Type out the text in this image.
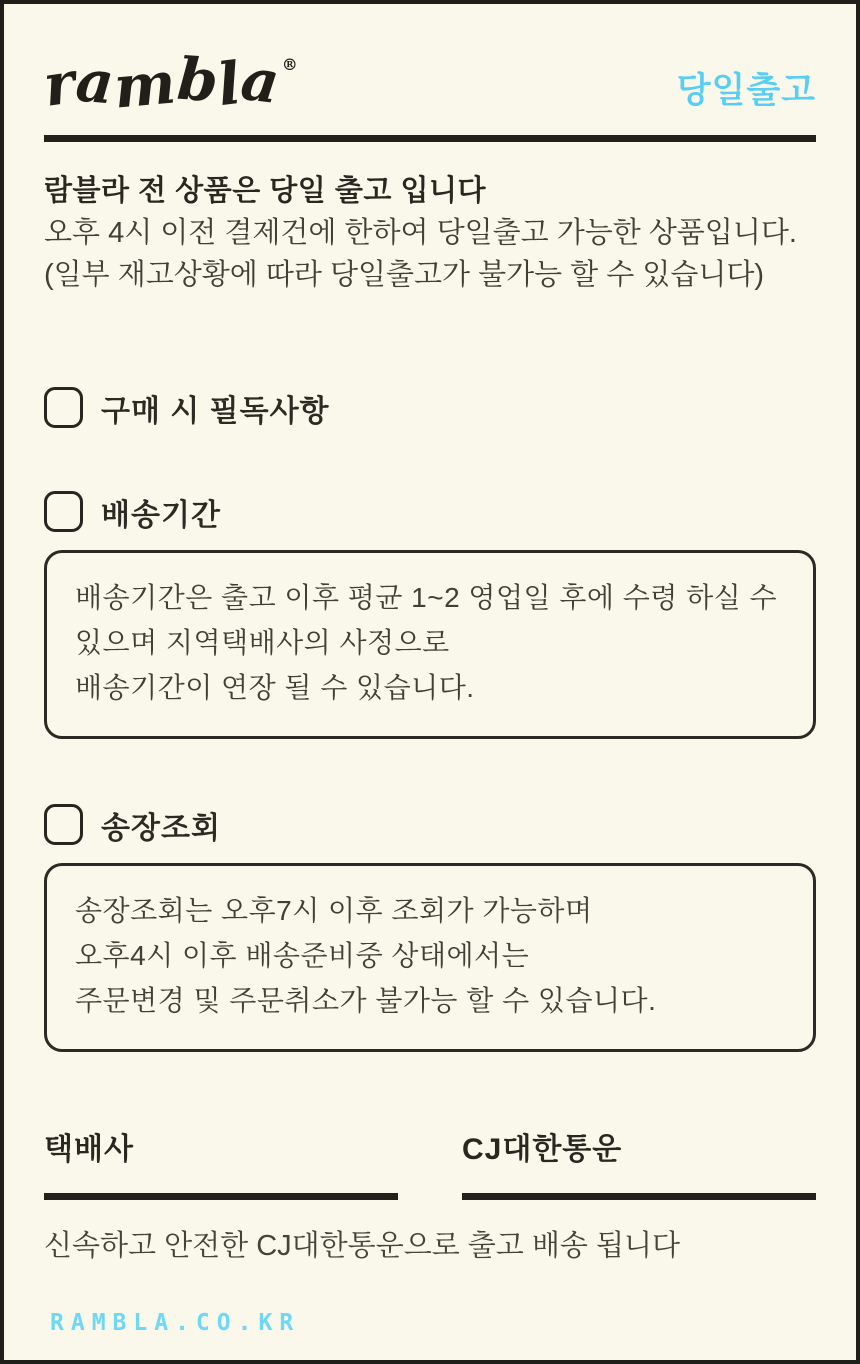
rambla®
당일출고

람블라 전 상품은 당일 출고 입니다

오후 4시 이전 결제건에 한하여 당일출고 가능한 상품입니다.

(일부 재고상황에 따라 당일출고가 불가능 할 수 있습니다)

구매 시 필독사항
배송기간

배송기간은 출고 이후 평균 1~2 영업일 후에 수령 하실 수

있으며 지역택배사의 사정으로

배송기간이 연장 될 수 있습니다.

송장조회

송장조회는 오후7시 이후 조회가 가능하며

오후4시 이후 배송준비중 상태에서는

주문변경 및 주문취소가 불가능 할 수 있습니다.

택배사	CJ대한통운

신속하고 안전한 CJ대한통운으로 출고 배송 됩니다

RAMBLA.CO.KR
